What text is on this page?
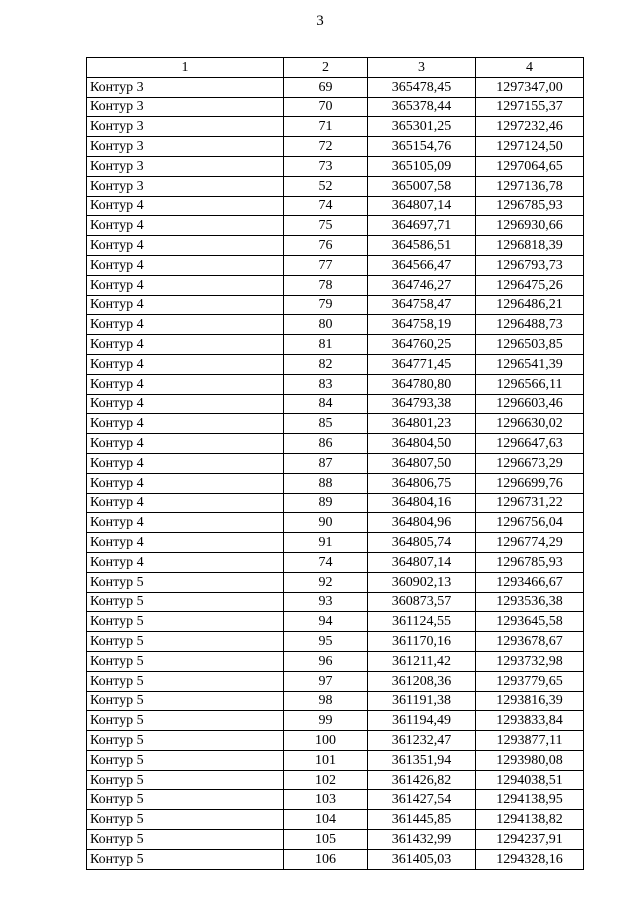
3
1	2	3	4
Контур 3	69	365478,45	1297347,00
Контур 3	70	365378,44	1297155,37
Контур 3	71	365301,25	1297232,46
Контур 3	72	365154,76	1297124,50
Контур 3	73	365105,09	1297064,65
Контур 3	52	365007,58	1297136,78
Контур 4	74	364807,14	1296785,93
Контур 4	75	364697,71	1296930,66
Контур 4	76	364586,51	1296818,39
Контур 4	77	364566,47	1296793,73
Контур 4	78	364746,27	1296475,26
Контур 4	79	364758,47	1296486,21
Контур 4	80	364758,19	1296488,73
Контур 4	81	364760,25	1296503,85
Контур 4	82	364771,45	1296541,39
Контур 4	83	364780,80	1296566,11
Контур 4	84	364793,38	1296603,46
Контур 4	85	364801,23	1296630,02
Контур 4	86	364804,50	1296647,63
Контур 4	87	364807,50	1296673,29
Контур 4	88	364806,75	1296699,76
Контур 4	89	364804,16	1296731,22
Контур 4	90	364804,96	1296756,04
Контур 4	91	364805,74	1296774,29
Контур 4	74	364807,14	1296785,93
Контур 5	92	360902,13	1293466,67
Контур 5	93	360873,57	1293536,38
Контур 5	94	361124,55	1293645,58
Контур 5	95	361170,16	1293678,67
Контур 5	96	361211,42	1293732,98
Контур 5	97	361208,36	1293779,65
Контур 5	98	361191,38	1293816,39
Контур 5	99	361194,49	1293833,84
Контур 5	100	361232,47	1293877,11
Контур 5	101	361351,94	1293980,08
Контур 5	102	361426,82	1294038,51
Контур 5	103	361427,54	1294138,95
Контур 5	104	361445,85	1294138,82
Контур 5	105	361432,99	1294237,91
Контур 5	106	361405,03	1294328,16
